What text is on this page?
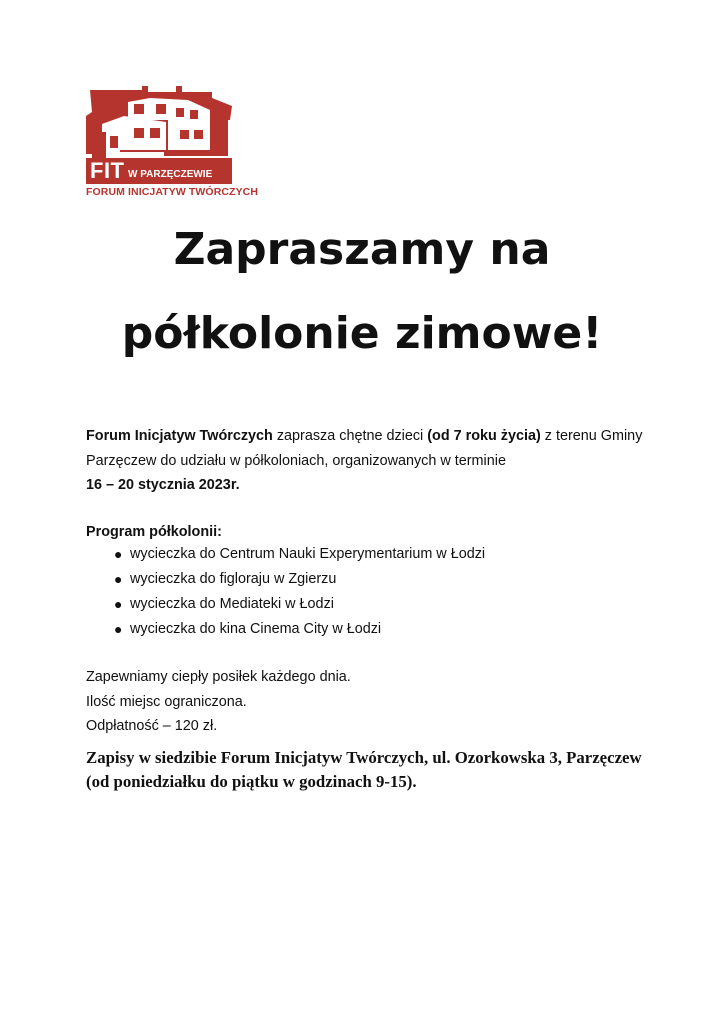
FIT W PARZĘCZEWIE
FORUM INICJATYW TWÓRCZYCH
Zapraszamy na
półkolonie zimowe!
Forum Inicjatyw Twórczych zaprasza chętne dzieci (od 7 roku życia) z terenu Gminy Parzęczew do udziału w półkoloniach, organizowanych w terminie
16 – 20 stycznia 2023r.
Program półkolonii:
● wycieczka do Centrum Nauki Experymentarium w Łodzi
● wycieczka do figloraju w Zgierzu
● wycieczka do Mediateki w Łodzi
● wycieczka do kina Cinema City w Łodzi
Zapewniamy ciepły posiłek każdego dnia.
Ilość miejsc ograniczona.
Odpłatność – 120 zł.
Zapisy w siedzibie Forum Inicjatyw Twórczych, ul. Ozorkowska 3, Parzęczew (od poniedziałku do piątku w godzinach 9-15).
